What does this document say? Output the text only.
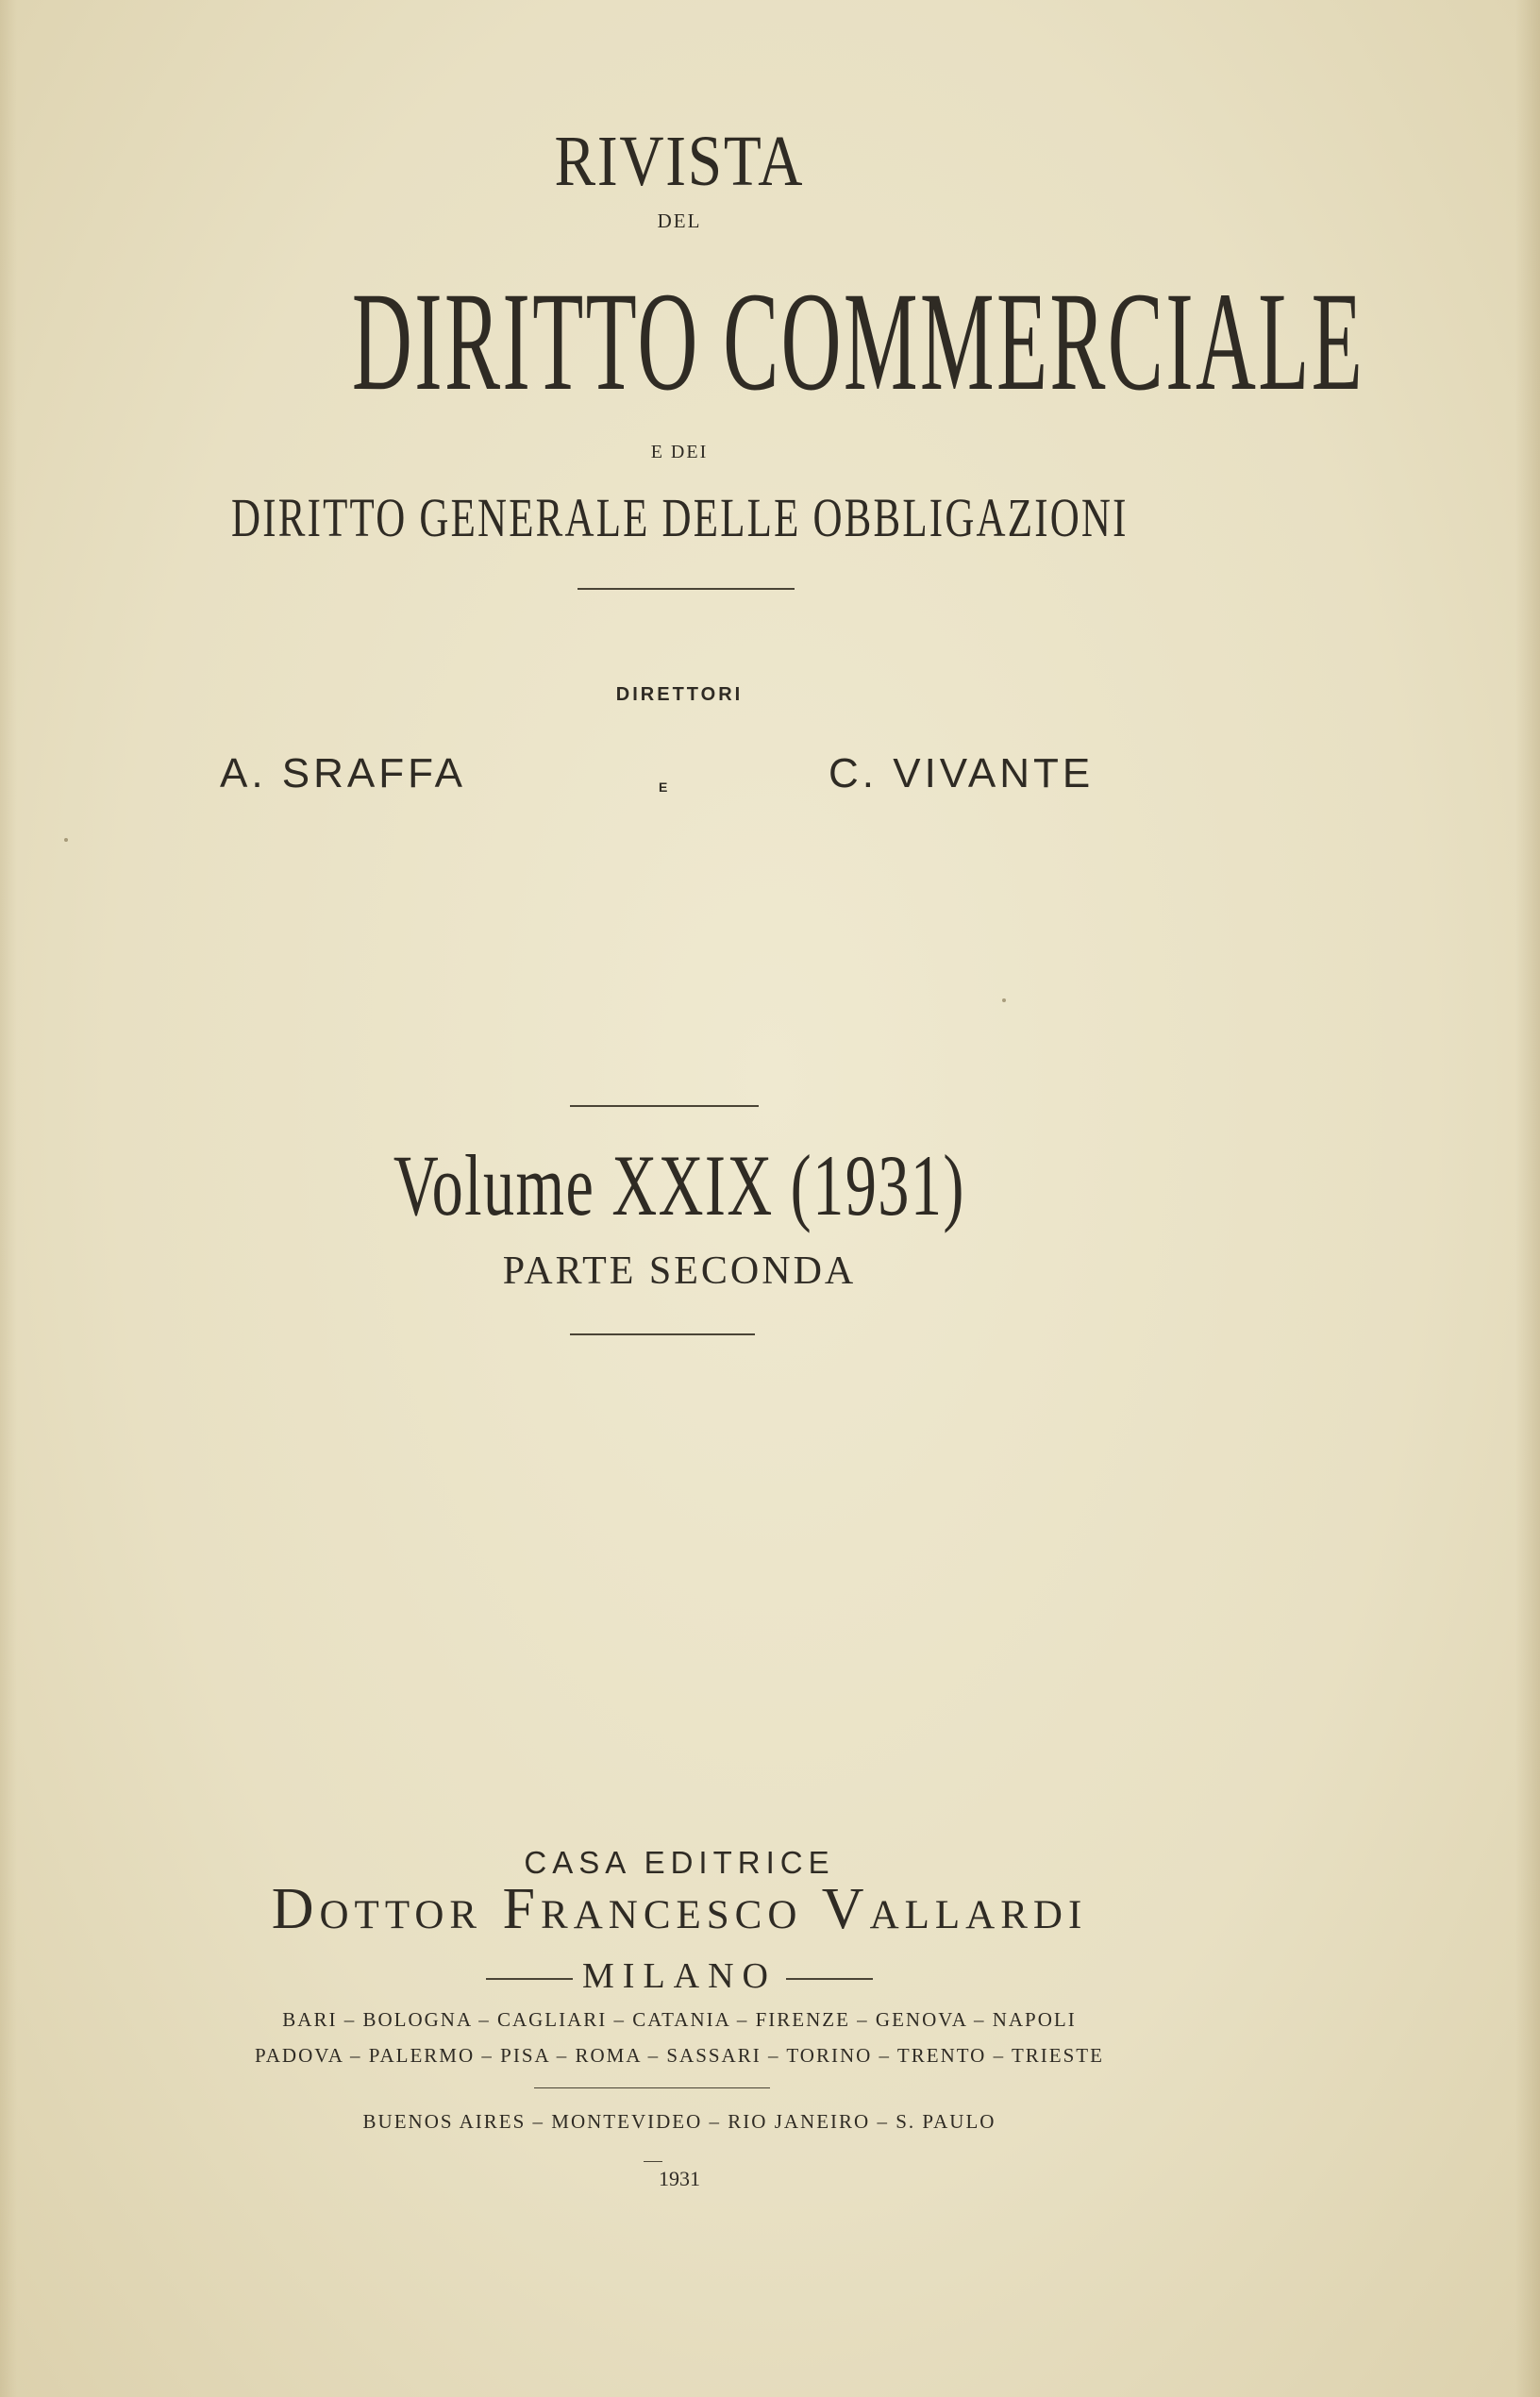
RIVISTA
DEL
DIRITTO COMMERCIALE
E DEI
DIRITTO GENERALE DELLE OBBLIGAZIONI
DIRETTORI
A. SRAFFA	E	C. VIVANTE
Volume XXIX (1931)
PARTE SECONDA
CASA EDITRICE
Dottor Francesco Vallardi
MILANO
BARI – BOLOGNA – CAGLIARI – CATANIA – FIRENZE – GENOVA – NAPOLI
PADOVA – PALERMO – PISA – ROMA – SASSARI – TORINO – TRENTO – TRIESTE
BUENOS AIRES – MONTEVIDEO – RIO JANEIRO – S. PAULO
1931
